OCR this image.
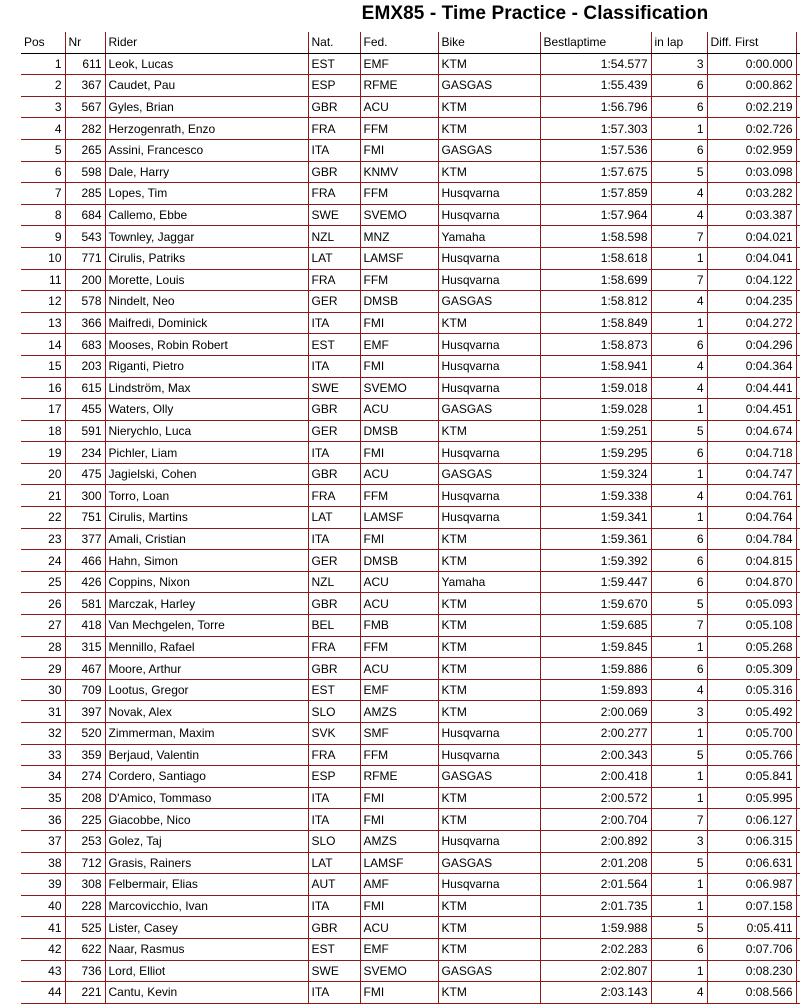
EMX85 - Time Practice - Classification
Pos	Nr	Rider	Nat.	Fed.	Bike	Bestlaptime	in lap	Diff. First	
1	611	Leok, Lucas	EST	EMF	KTM	1:54.577	3	0:00.000	
2	367	Caudet, Pau	ESP	RFME	GASGAS	1:55.439	6	0:00.862	
3	567	Gyles, Brian	GBR	ACU	KTM	1:56.796	6	0:02.219	
4	282	Herzogenrath, Enzo	FRA	FFM	KTM	1:57.303	1	0:02.726	
5	265	Assini, Francesco	ITA	FMI	GASGAS	1:57.536	6	0:02.959	
6	598	Dale, Harry	GBR	KNMV	KTM	1:57.675	5	0:03.098	
7	285	Lopes, Tim	FRA	FFM	Husqvarna	1:57.859	4	0:03.282	
8	684	Callemo, Ebbe	SWE	SVEMO	Husqvarna	1:57.964	4	0:03.387	
9	543	Townley, Jaggar	NZL	MNZ	Yamaha	1:58.598	7	0:04.021	
10	771	Cirulis, Patriks	LAT	LAMSF	Husqvarna	1:58.618	1	0:04.041	
11	200	Morette, Louis	FRA	FFM	Husqvarna	1:58.699	7	0:04.122	
12	578	Nindelt, Neo	GER	DMSB	GASGAS	1:58.812	4	0:04.235	
13	366	Maifredi, Dominick	ITA	FMI	KTM	1:58.849	1	0:04.272	
14	683	Mooses, Robin Robert	EST	EMF	Husqvarna	1:58.873	6	0:04.296	
15	203	Riganti, Pietro	ITA	FMI	Husqvarna	1:58.941	4	0:04.364	
16	615	Lindström, Max	SWE	SVEMO	Husqvarna	1:59.018	4	0:04.441	
17	455	Waters, Olly	GBR	ACU	GASGAS	1:59.028	1	0:04.451	
18	591	Nierychlo, Luca	GER	DMSB	KTM	1:59.251	5	0:04.674	
19	234	Pichler, Liam	ITA	FMI	Husqvarna	1:59.295	6	0:04.718	
20	475	Jagielski, Cohen	GBR	ACU	GASGAS	1:59.324	1	0:04.747	
21	300	Torro, Loan	FRA	FFM	Husqvarna	1:59.338	4	0:04.761	
22	751	Cirulis, Martins	LAT	LAMSF	Husqvarna	1:59.341	1	0:04.764	
23	377	Amali, Cristian	ITA	FMI	KTM	1:59.361	6	0:04.784	
24	466	Hahn, Simon	GER	DMSB	KTM	1:59.392	6	0:04.815	
25	426	Coppins, Nixon	NZL	ACU	Yamaha	1:59.447	6	0:04.870	
26	581	Marczak, Harley	GBR	ACU	KTM	1:59.670	5	0:05.093	
27	418	Van Mechgelen, Torre	BEL	FMB	KTM	1:59.685	7	0:05.108	
28	315	Mennillo, Rafael	FRA	FFM	KTM	1:59.845	1	0:05.268	
29	467	Moore, Arthur	GBR	ACU	KTM	1:59.886	6	0:05.309	
30	709	Lootus, Gregor	EST	EMF	KTM	1:59.893	4	0:05.316	
31	397	Novak, Alex	SLO	AMZS	KTM	2:00.069	3	0:05.492	
32	520	Zimmerman, Maxim	SVK	SMF	Husqvarna	2:00.277	1	0:05.700	
33	359	Berjaud, Valentin	FRA	FFM	Husqvarna	2:00.343	5	0:05.766	
34	274	Cordero, Santiago	ESP	RFME	GASGAS	2:00.418	1	0:05.841	
35	208	D'Amico, Tommaso	ITA	FMI	KTM	2:00.572	1	0:05.995	
36	225	Giacobbe, Nico	ITA	FMI	KTM	2:00.704	7	0:06.127	
37	253	Golez, Taj	SLO	AMZS	Husqvarna	2:00.892	3	0:06.315	
38	712	Grasis, Rainers	LAT	LAMSF	GASGAS	2:01.208	5	0:06.631	
39	308	Felbermair, Elias	AUT	AMF	Husqvarna	2:01.564	1	0:06.987	
40	228	Marcovicchio, Ivan	ITA	FMI	KTM	2:01.735	1	0:07.158	
41	525	Lister, Casey	GBR	ACU	KTM	1:59.988	5	0:05.411	
42	622	Naar, Rasmus	EST	EMF	KTM	2:02.283	6	0:07.706	
43	736	Lord, Elliot	SWE	SVEMO	GASGAS	2:02.807	1	0:08.230	
44	221	Cantu, Kevin	ITA	FMI	KTM	2:03.143	4	0:08.566	
